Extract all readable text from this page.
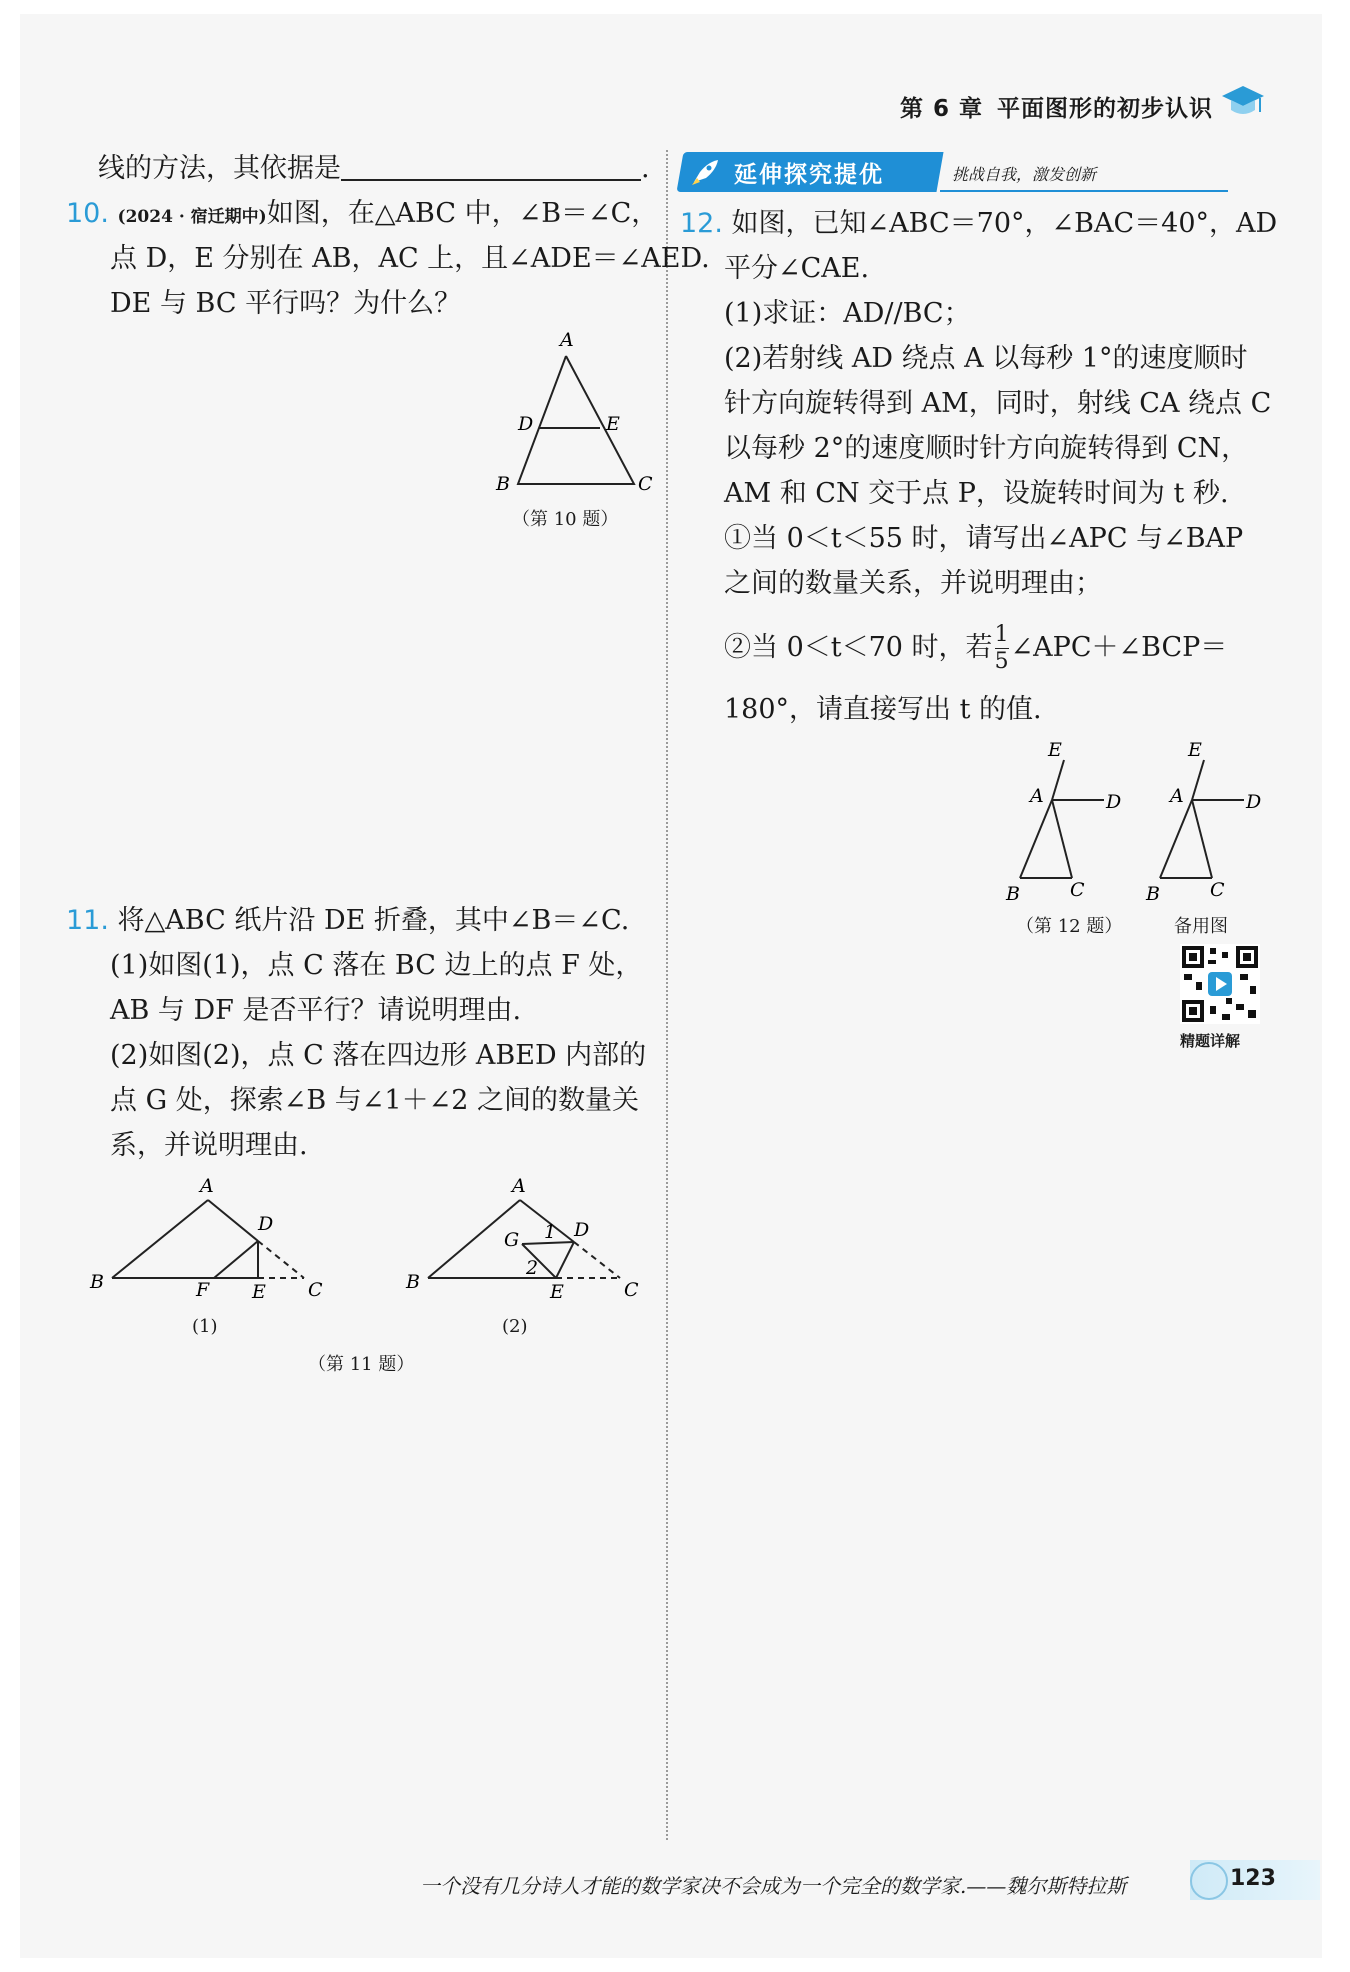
第 6 章 平面图形的初步认识
线的方法，其依据是	.
10. (2024 · 宿迁期中)如图，在△ABC 中，∠B＝∠C，
点 D，E 分别在 AB，AC 上，且∠ADE＝∠AED.
DE 与 BC 平行吗？为什么？
A
D	E
B	C
（第 10 题）
11. 将△ABC 纸片沿 DE 折叠，其中∠B＝∠C.
(1)如图(1)，点 C 落在 BC 边上的点 F 处，
AB 与 DF 是否平行？请说明理由.
(2)如图(2)，点 C 落在四边形 ABED 内部的
点 G 处，探索∠B 与∠1＋∠2 之间的数量关
系，并说明理由.
A
D
B	F E C
(1)
A
G 1 D
2
B	E	C
(2)
（第 11 题）
延伸探究提优	挑战自我，激发创新
12. 如图，已知∠ABC＝70°，∠BAC＝40°，AD
平分∠CAE.
(1)求证：AD//BC；
(2)若射线 AD 绕点 A 以每秒 1°的速度顺时
针方向旋转得到 AM，同时，射线 CA 绕点 C
以每秒 2°的速度顺时针方向旋转得到 CN，
AM 和 CN 交于点 P，设旋转时间为 t 秒.
①当 0＜t＜55 时，请写出∠APC 与∠BAP
之间的数量关系，并说明理由；
②当 0＜t＜70 时，若 $\frac{1}{5}$ ∠APC＋∠BCP＝
180°，请直接写出 t 的值.
E
A	D
B	C
（第 12 题）
E
A	D
B	C
备用图
精题详解
一个没有几分诗人才能的数学家决不会成为一个完全的数学家.——魏尔斯特拉斯	123
